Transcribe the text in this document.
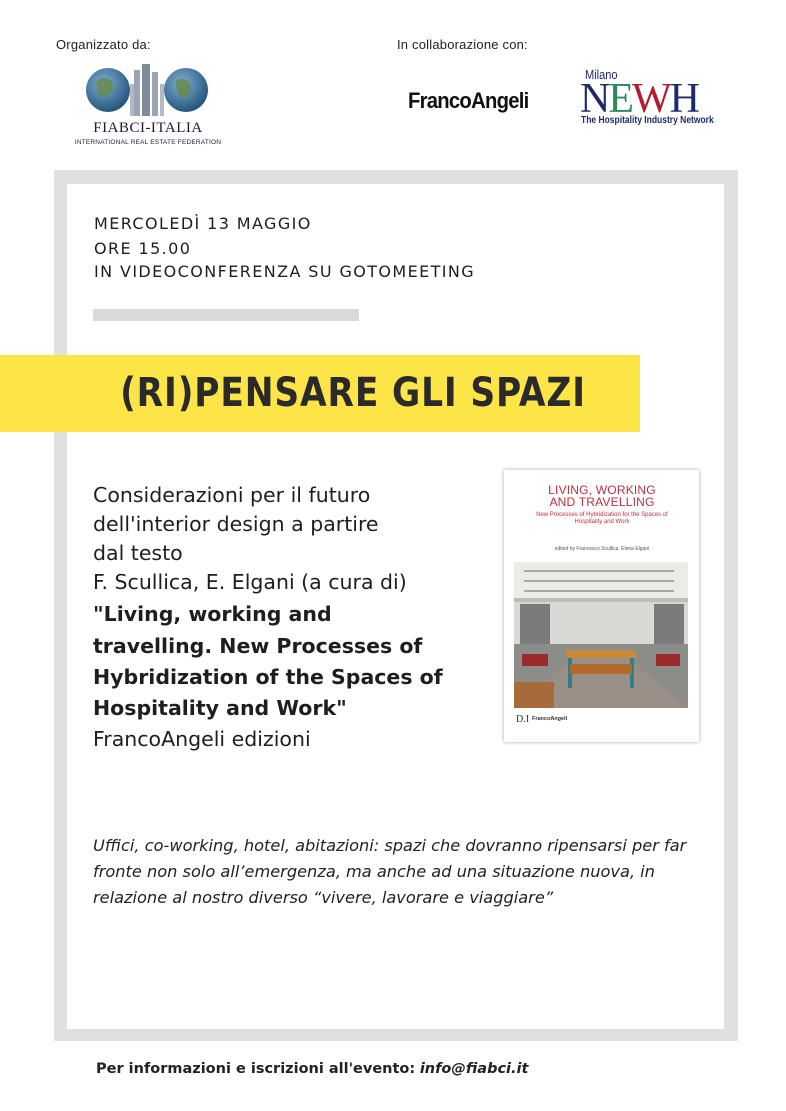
Organizzato da:	In collaborazione con:
FIABCI-ITALIA
INTERNATIONAL REAL ESTATE FEDERATION
FrancoAngeli
Milano
NEWH
The Hospitality Industry Network
MERCOLEDÌ 13 MAGGIO
ORE 15.00
IN VIDEOCONFERENZA SU GOTOMEETING
(RI)PENSARE GLI SPAZI
Considerazioni per il futuro
dell'interior design a partire
dal testo
F. Scullica, E. Elgani (a cura di)
"Living, working and
travelling. New Processes of
Hybridization of the Spaces of
Hospitality and Work"
FrancoAngeli edizioni
LIVING, WORKING
AND TRAVELLING
New Processes of Hybridization for the Spaces of
Hospitality and Work
edited by Francesco Scullica, Elena Elgani
D.I FrancoAngeli
Uffici, co-working, hotel, abitazioni: spazi che dovranno ripensarsi per far fronte non solo all’emergenza, ma anche ad una situazione nuova, in relazione al nostro diverso “vivere, lavorare e viaggiare”
Per informazioni e iscrizioni all'evento: info@fiabci.it
